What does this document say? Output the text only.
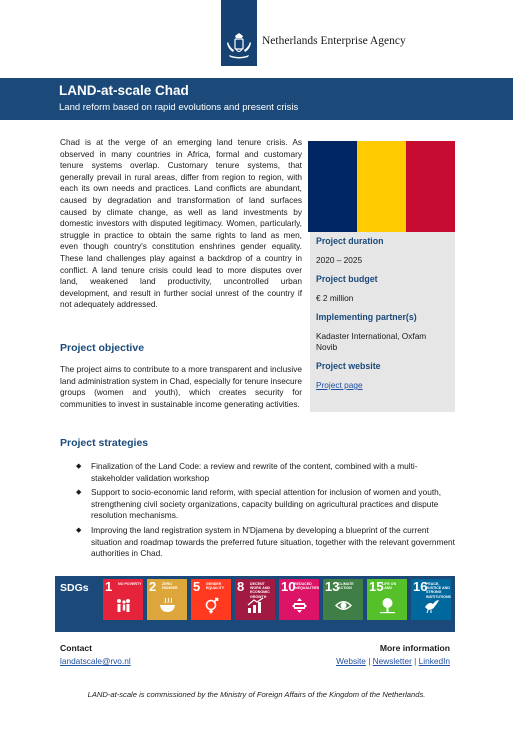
Netherlands Enterprise Agency
LAND-at-scale Chad
Land reform based on rapid evolutions and present crisis

Chad is at the verge of an emerging land tenure crisis. As observed in many countries in Africa, formal and customary tenure systems overlap. Customary tenure systems, that generally prevail in rural areas, differ from region to region, with each its own needs and practices. Land conflicts are abundant, caused by degradation and transformation of land surfaces caused by climate change, as well as land investments by domestic investors with disputed legitimacy. Women, particularly, struggle in practice to obtain the same rights to land as men, even though country's constitution enshrines gender equality. These land challenges play against a backdrop of a country in conflict. A land tenure crisis could lead to more disputes over land, weakened land productivity, uncontrolled urban development, and result in further social unrest of the country if not adequately addressed.

Project duration
2020 – 2025
Project budget
€ 2 million
Implementing partner(s)
Kadaster International, Oxfam Novib
Project website
Project page
Project objective

The project aims to contribute to a more transparent and inclusive land administration system in Chad, especially for tenure insecure groups (women and youth), which creates security for communities to invest in sustainable income generating activities.

Project strategies
◆ Finalization of the Land Code: a review and rewrite of the content, combined with a multi-stakeholder validation workshop
◆ Support to socio-economic land reform, with special attention for inclusion of women and youth, strengthening civil society organizations, capacity building on agricultural practices and dispute resolution mechanisms.
◆ Improving the land registration system in N'Djamena by developing a blueprint of the current situation and roadmap towards the preferred future situation, together with the relevant government authorities in Chad.
SDGs 1 NO POVERTY 2 ZERO HUNGER	5 GENDER EQUALITY 8 DECENT WORK AND ECONOMIC GROWTH
10
REDUCED INEQUALITIES 13
CLIMATE ACTION	15
LIFE ON LAND	16
PEACE, JUSTICE AND STRONG INSTITUTIONS
Contact
landatscale@rvo.nl
More information
Website | Newsletter | LinkedIn
LAND-at-scale is commissioned by the Ministry of Foreign Affairs of the Kingdom of the Netherlands.
